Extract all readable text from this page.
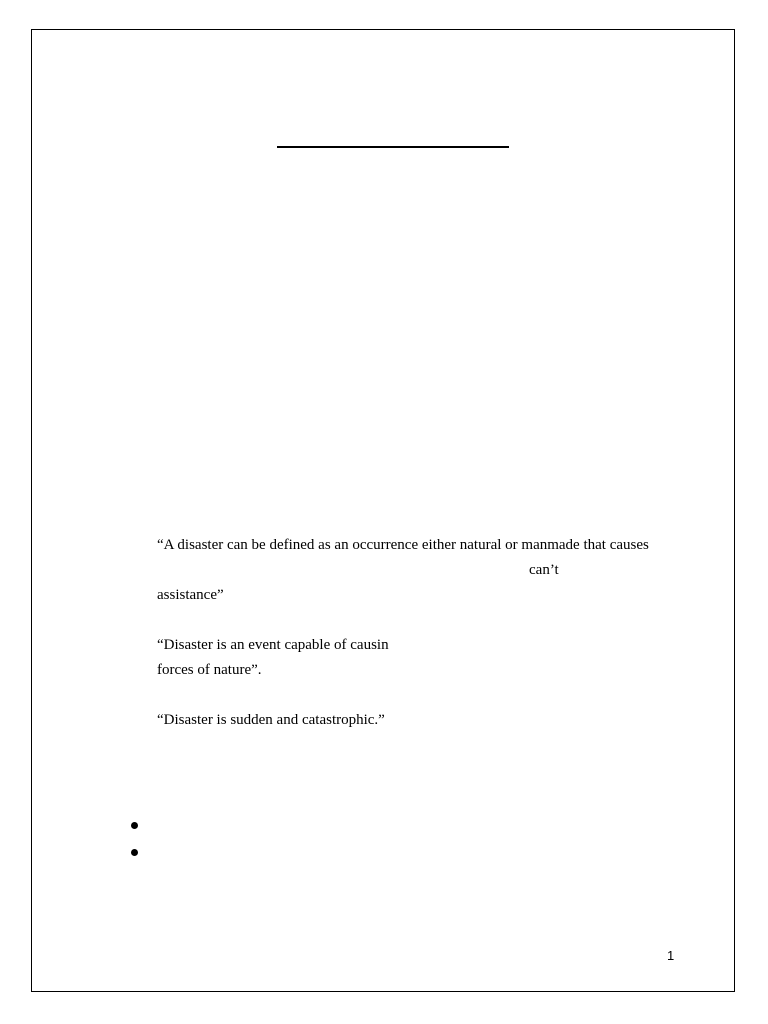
“A disaster can be defined as an occurrence either natural or manmade that causes
can’t
assistance”
“Disaster is an event capable of causin
forces of nature”.
“Disaster is sudden and catastrophic.”
1
